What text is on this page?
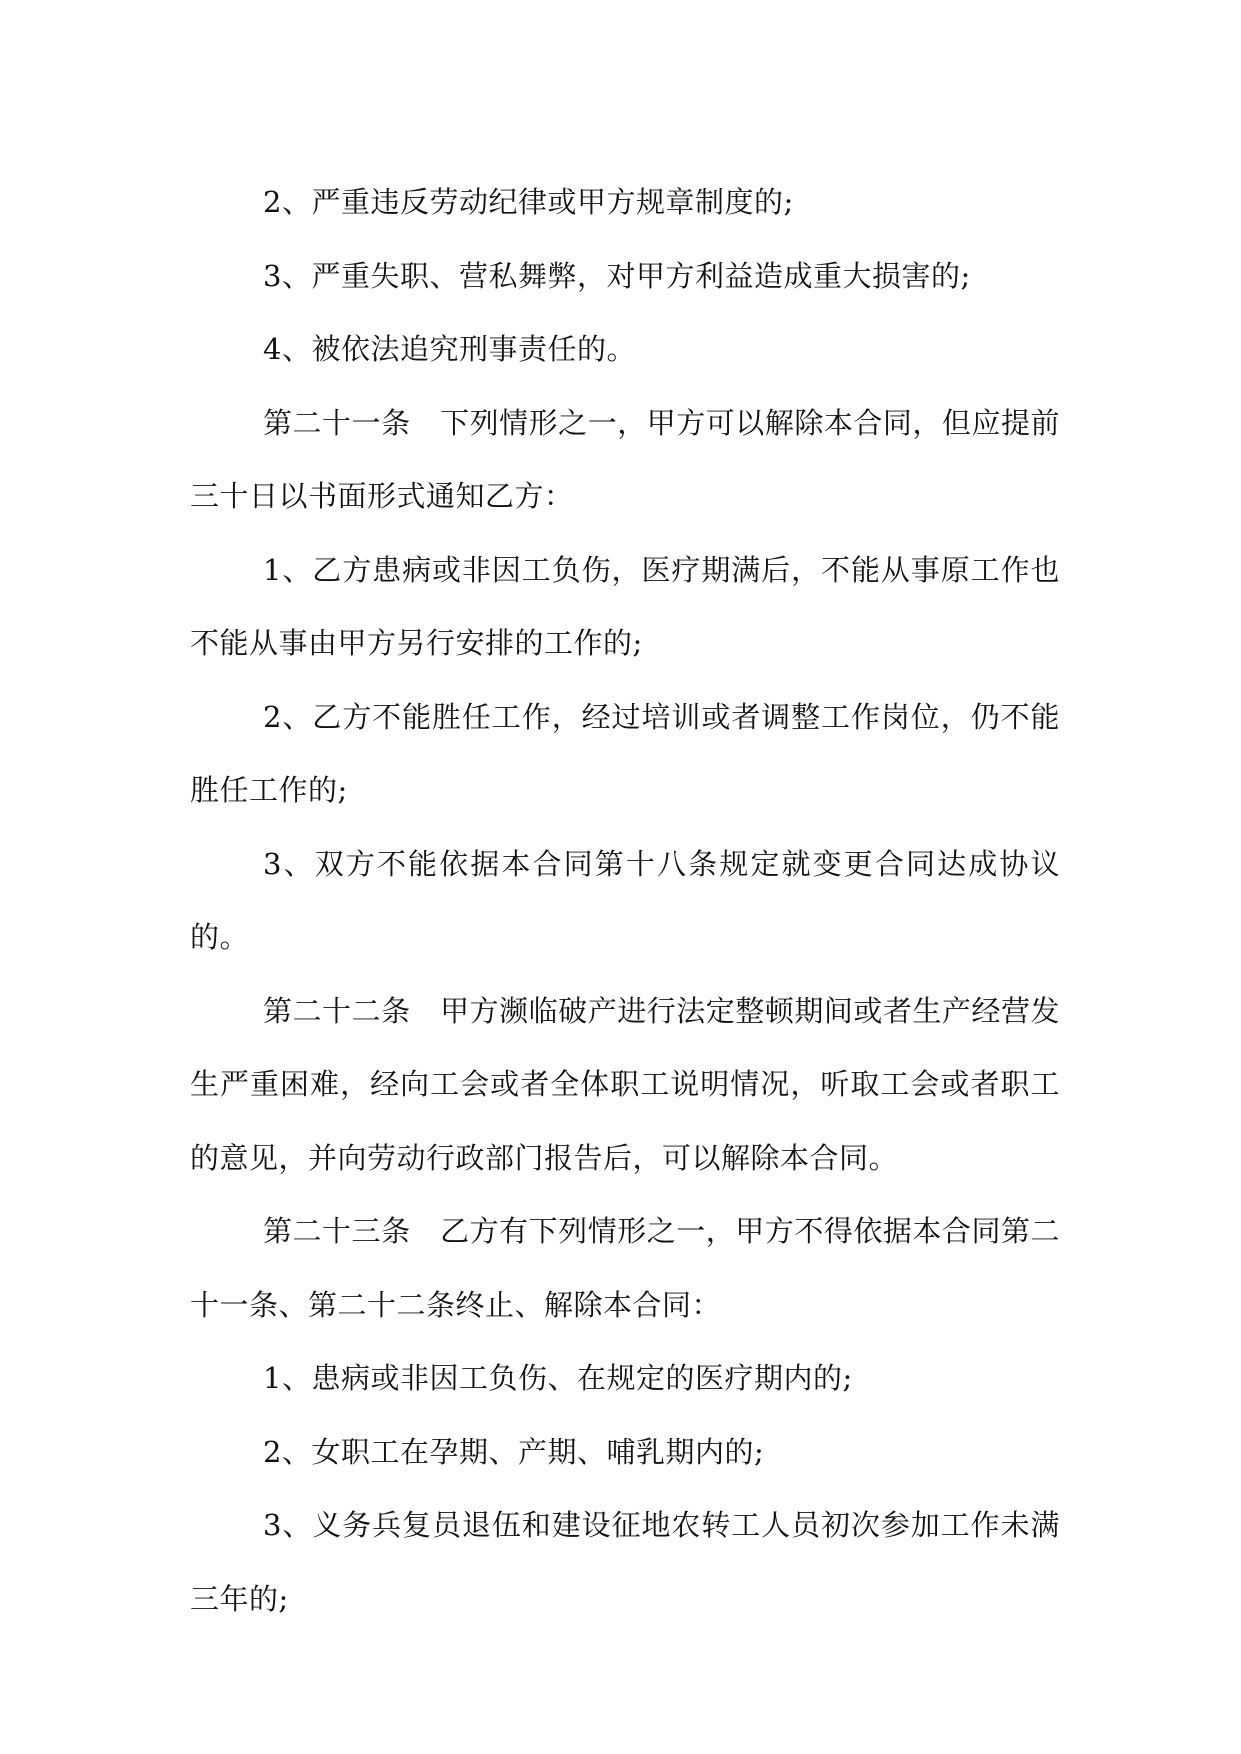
2、严重违反劳动纪律或甲方规章制度的;

3、严重失职、营私舞弊，对甲方利益造成重大损害的;

4、被依法追究刑事责任的。

第二十一条　下列情形之一，甲方可以解除本合同，但应提前三十日以书面形式通知乙方：

1、乙方患病或非因工负伤，医疗期满后，不能从事原工作也不能从事由甲方另行安排的工作的;

2、乙方不能胜任工作，经过培训或者调整工作岗位，仍不能胜任工作的;

3、双方不能依据本合同第十八条规定就变更合同达成协议的。

第二十二条　甲方濒临破产进行法定整顿期间或者生产经营发生严重困难，经向工会或者全体职工说明情况，听取工会或者职工的意见，并向劳动行政部门报告后，可以解除本合同。

第二十三条　乙方有下列情形之一，甲方不得依据本合同第二十一条、第二十二条终止、解除本合同：

1、患病或非因工负伤、在规定的医疗期内的;

2、女职工在孕期、产期、哺乳期内的;

3、义务兵复员退伍和建设征地农转工人员初次参加工作未满三年的;
